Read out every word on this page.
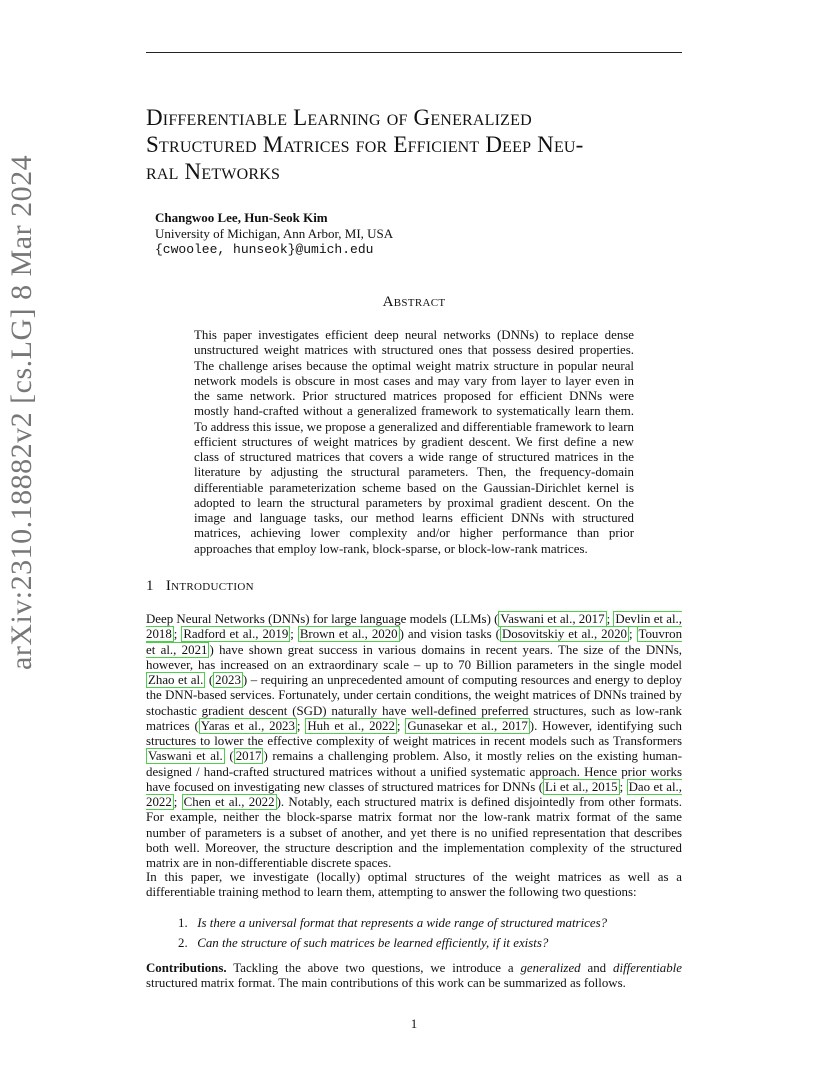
arXiv:2310.18882v2 [cs.LG] 8 Mar 2024
Differentiable Learning of Generalized
Structured Matrices for Efficient Deep Neu-
ral Networks
Changwoo Lee, Hun-Seok Kim
University of Michigan, Ann Arbor, MI, USA
{cwoolee, hunseok}@umich.edu
Abstract

This paper investigates efficient deep neural networks (DNNs) to replace dense unstructured weight matrices with structured ones that possess desired properties. The challenge arises because the optimal weight matrix structure in popular neural network models is obscure in most cases and may vary from layer to layer even in the same network. Prior structured matrices proposed for efficient DNNs were mostly hand-crafted without a generalized framework to systematically learn them. To address this issue, we propose a generalized and differentiable framework to learn efficient structures of weight matrices by gradient descent. We first define a new class of structured matrices that covers a wide range of structured matrices in the literature by adjusting the structural parameters. Then, the frequency-domain differentiable parameterization scheme based on the Gaussian-Dirichlet kernel is adopted to learn the structural parameters by proximal gradient descent. On the image and language tasks, our method learns efficient DNNs with structured matrices, achieving lower complexity and/or higher performance than prior approaches that employ low-rank, block-sparse, or block-low-rank matrices.

1 Introduction

Deep Neural Networks (DNNs) for large language models (LLMs) ( Vaswani et al., 2017 ; Devlin et al., 2018 ; Radford et al., 2019 ; Brown et al., 2020 ) and vision tasks ( Dosovitskiy et al., 2020 ; Touvron et al., 2021 ) have shown great success in various domains in recent years. The size of the DNNs, however, has increased on an extraordinary scale – up to 70 Billion parameters in the single model Zhao et al. ( 2023 ) – requiring an unprecedented amount of computing resources and energy to deploy the DNN-based services. Fortunately, under certain conditions, the weight matrices of DNNs trained by stochastic gradient descent (SGD) naturally have well-defined preferred structures, such as low-rank matrices ( Yaras et al., 2023 ; Huh et al., 2022 ; Gunasekar et al., 2017 ). However, identifying such structures to lower the effective complexity of weight matrices in recent models such as Transformers Vaswani et al. ( 2017 ) remains a challenging problem. Also, it mostly relies on the existing human-designed / hand-crafted structured matrices without a unified systematic approach. Hence prior works have focused on investigating new classes of structured matrices for DNNs ( Li et al., 2015 ; Dao et al., 2022 ; Chen et al., 2022 ). Notably, each structured matrix is defined disjointedly from other formats. For example, neither the block-sparse matrix format nor the low-rank matrix format of the same number of parameters is a subset of another, and yet there is no unified representation that describes both well. Moreover, the structure description and the implementation complexity of the structured matrix are in non-differentiable discrete spaces.

In this paper, we investigate (locally) optimal structures of the weight matrices as well as a differentiable training method to learn them, attempting to answer the following two questions:

1. Is there a universal format that represents a wide range of structured matrices?
2. Can the structure of such matrices be learned efficiently, if it exists?

Contributions. Tackling the above two questions, we introduce a generalized and differentiable structured matrix format. The main contributions of this work can be summarized as follows.

1
